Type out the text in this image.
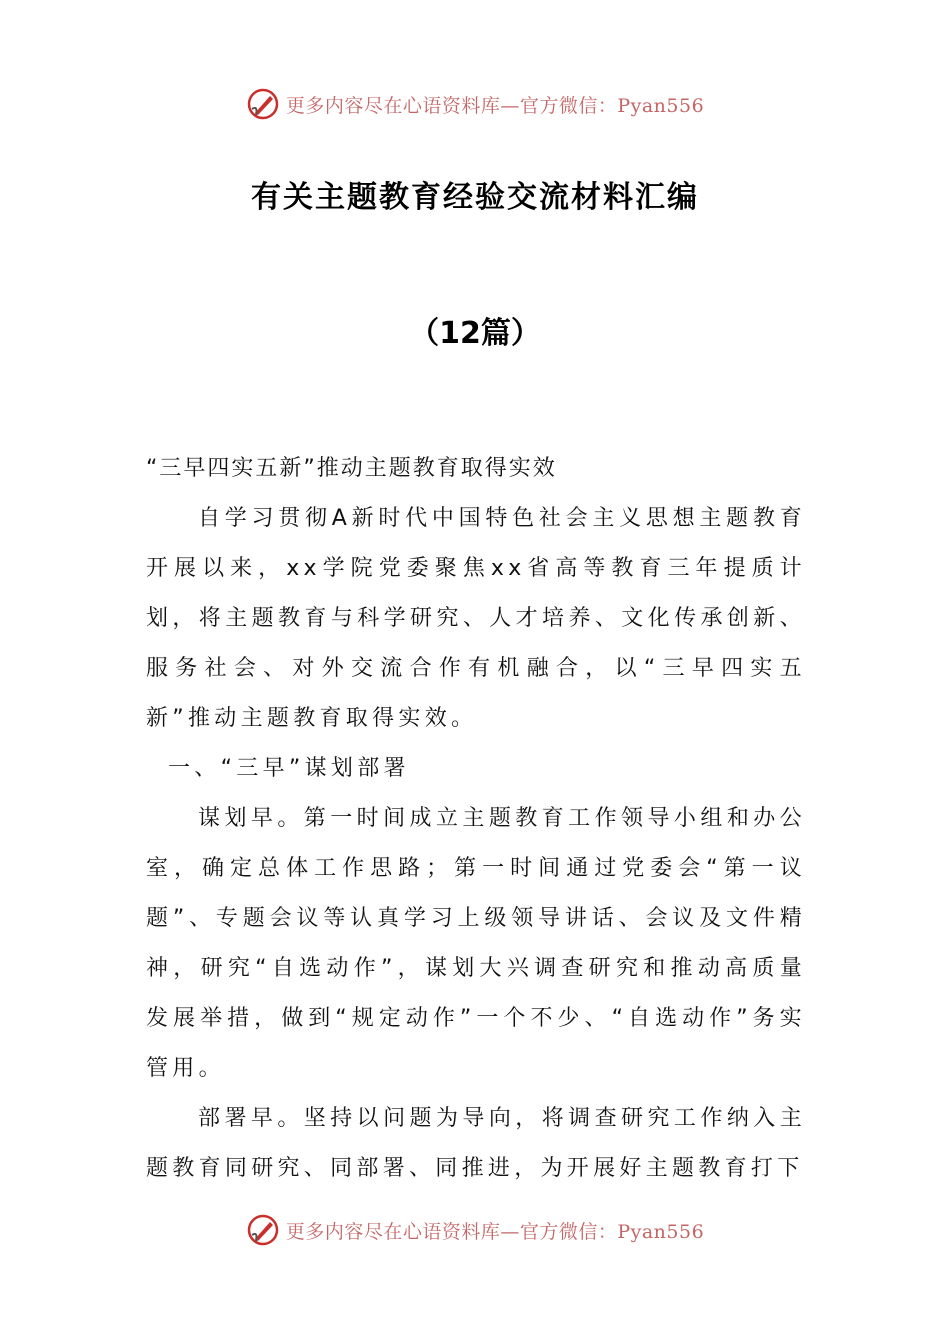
更多内容尽在心语资料库—官方微信：Pyan556
有关主题教育经验交流材料汇编
（12篇）

“三早四实五新”推动主题教育取得实效

自学习贯彻A新时代中国特色社会主义思想主题教育开展以来，xx学院党委聚焦xx省高等教育三年提质计划，将主题教育与科学研究、人才培养、文化传承创新、服务社会、对外交流合作有机融合，以“三早四实五新”推动主题教育取得实效。

一、“三早”谋划部署

谋划早。第一时间成立主题教育工作领导小组和办公室，确定总体工作思路；第一时间通过党委会“第一议题”、专题会议等认真学习上级领导讲话、会议及文件精神，研究“自选动作”，谋划大兴调查研究和推动高质量发展举措，做到“规定动作”一个不少、“自选动作”务实管用。

部署早。坚持以问题为导向，将调查研究工作纳入主题教育同研究、同部署、同推进，为开展好主题教育打下

更多内容尽在心语资料库—官方微信：Pyan556
